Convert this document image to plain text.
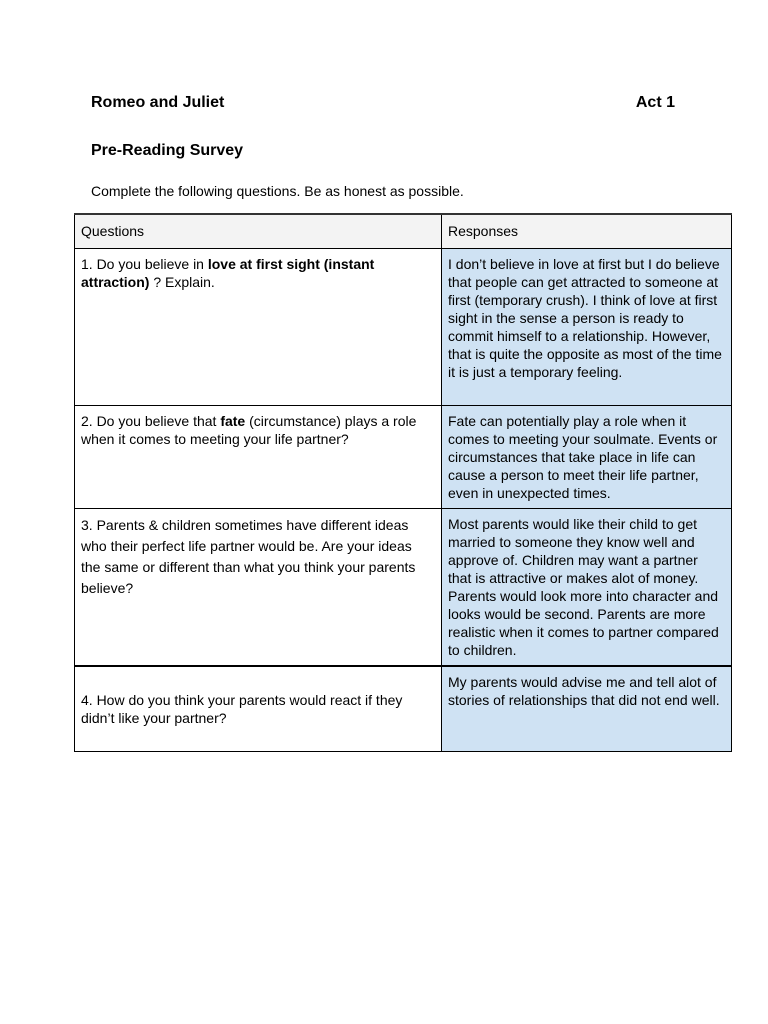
Romeo and Juliet	Act 1
Pre-Reading Survey
Complete the following questions. Be as honest as possible.
Questions	Responses
1. Do you believe in love at first sight (instant attraction) ? Explain.	I don’t believe in love at first but I do believe that people can get attracted to someone at first (temporary crush). I think of love at first sight in the sense a person is ready to commit himself to a relationship. However, that is quite the opposite as most of the time it is just a temporary feeling.
2. Do you believe that fate (circumstance) plays a role when it comes to meeting your life partner?	Fate can potentially play a role when it comes to meeting your soulmate. Events or circumstances that take place in life can cause a person to meet their life partner, even in unexpected times.
3. Parents & children sometimes have different ideas who their perfect life partner would be. Are your ideas the same or different than what you think your parents believe?	Most parents would like their child to get married to someone they know well and approve of. Children may want a partner that is attractive or makes alot of money. Parents would look more into character and looks would be second. Parents are more realistic when it comes to partner compared to children.
4. How do you think your parents would react if they didn’t like your partner?	My parents would advise me and tell alot of stories of relationships that did not end well.
